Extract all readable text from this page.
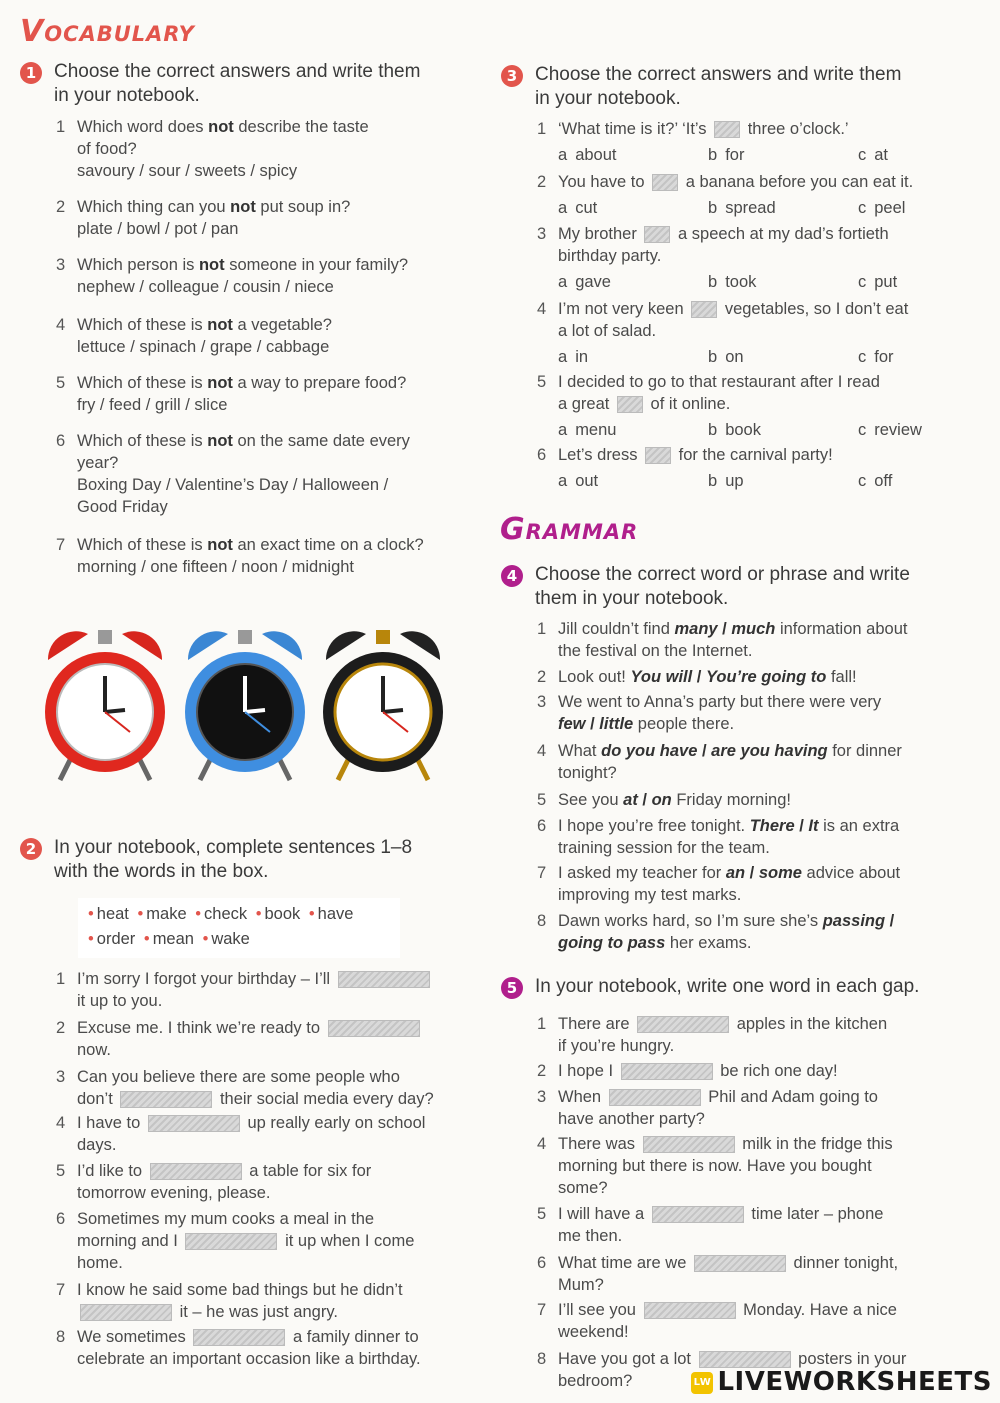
Vocabulary
Grammar
1 Choose the correct answers and write them
in your notebook.
1 Which word does not describe the taste
of food?
savoury / sour / sweets / spicy
2 Which thing can you not put soup in?
plate / bowl / pot / pan
3 Which person is not someone in your family?
nephew / colleague / cousin / niece
4 Which of these is not a vegetable?
lettuce / spinach / grape / cabbage
5 Which of these is not a way to prepare food?
fry / feed / grill / slice
6 Which of these is not on the same date every
year?
Boxing Day / Valentine’s Day / Halloween /
Good Friday
7 Which of these is not an exact time on a clock?
morning / one fifteen / noon / midnight
2 In your notebook, complete sentences 1–8
with the words in the box.
1 I’m sorry I forgot your birthday – I’ll
it up to you.
2 Excuse me. I think we’re ready to
now.
3 Can you believe there are some people who
don’t	their social media every day?
4 I have to	up really early on school
days.
5 I’d like to	a table for six for
tomorrow evening, please.
6 Sometimes my mum cooks a meal in the
morning and I	it up when I come
home.
7 I know he said some bad things but he didn’t
it – he was just angry.
8 We sometimes	a family dinner to
celebrate an important occasion like a birthday.
3 Choose the correct answers and write them
in your notebook.
1 ‘What time is it?’ ‘It’s  three o’clock.’
a about	b for	c at
2 You have to  a banana before you can eat it.
a cut	b spread	c peel
3 My brother  a speech at my dad’s fortieth
birthday party.
a gave	b took	c put
4 I’m not very keen  vegetables, so I don’t eat
a lot of salad.
a in	b on	c for
5 I decided to go to that restaurant after I read
a great  of it online.
a menu	b book	c review
6 Let’s dress  for the carnival party!
a out	b up	c off
4 Choose the correct word or phrase and write
them in your notebook.
1 Jill couldn’t find many / much information about
the festival on the Internet.
2 Look out! You will / You’re going to fall!
3 We went to Anna’s party but there were very
few / little people there.
4 What do you have / are you having for dinner
tonight?
5 See you at / on Friday morning!
6 I hope you’re free tonight. There / It is an extra
training session for the team.
7 I asked my teacher for an / some advice about
improving my test marks.
8 Dawn works hard, so I’m sure she’s passing /
going to pass her exams.
5 In your notebook, write one word in each gap.
1 There are	apples in the kitchen
if you’re hungry.
2 I hope I	be rich one day!
3 When	Phil and Adam going to
have another party?
4 There was	milk in the fridge this
morning but there is now. Have you bought
some?
5 I will have a	time later – phone
me then.
6 What time are we	dinner tonight,
Mum?
7 I’ll see you	Monday. Have a nice
weekend!
8 Have you got a lot	posters in your
bedroom?
• heat • make • check • book • have
• order • mean • wake
LW LIVEWORKSHEETS
